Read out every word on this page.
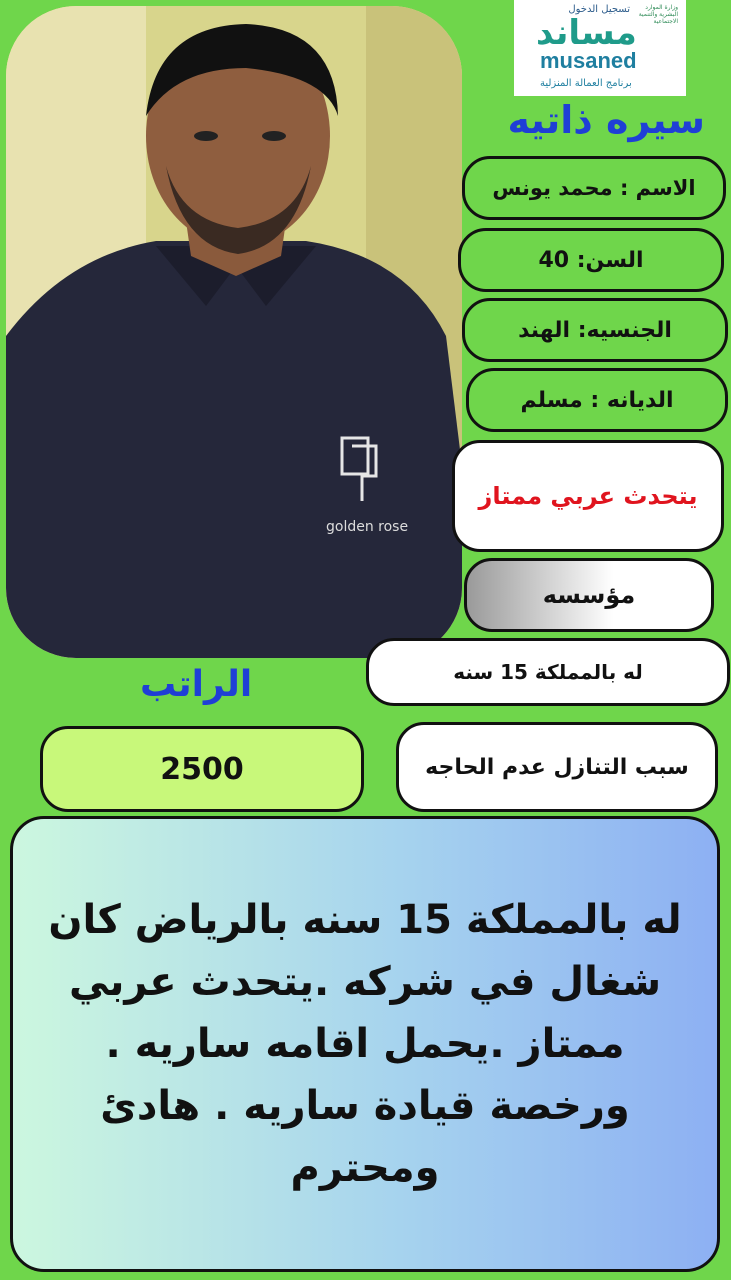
golden rose
تسجيل الدخول	وزارة الموارد البشرية والتنمية الاجتماعية
مساند
musaned
برنامج العمالة المنزلية
سيره ذاتيه
الاسم : محمد يونس
السن: 40
الجنسيه: الهند
الديانه : مسلم
يتحدث عربي ممتاز
مؤسسه
له بالمملكة 15 سنه
الراتب
2500	سبب التنازل عدم الحاجه

له بالمملكة 15 سنه بالرياض كان شغال في شركه .يتحدث عربي ممتاز .يحمل اقامه ساريه . ورخصة قيادة ساريه . هادئ ومحترم
